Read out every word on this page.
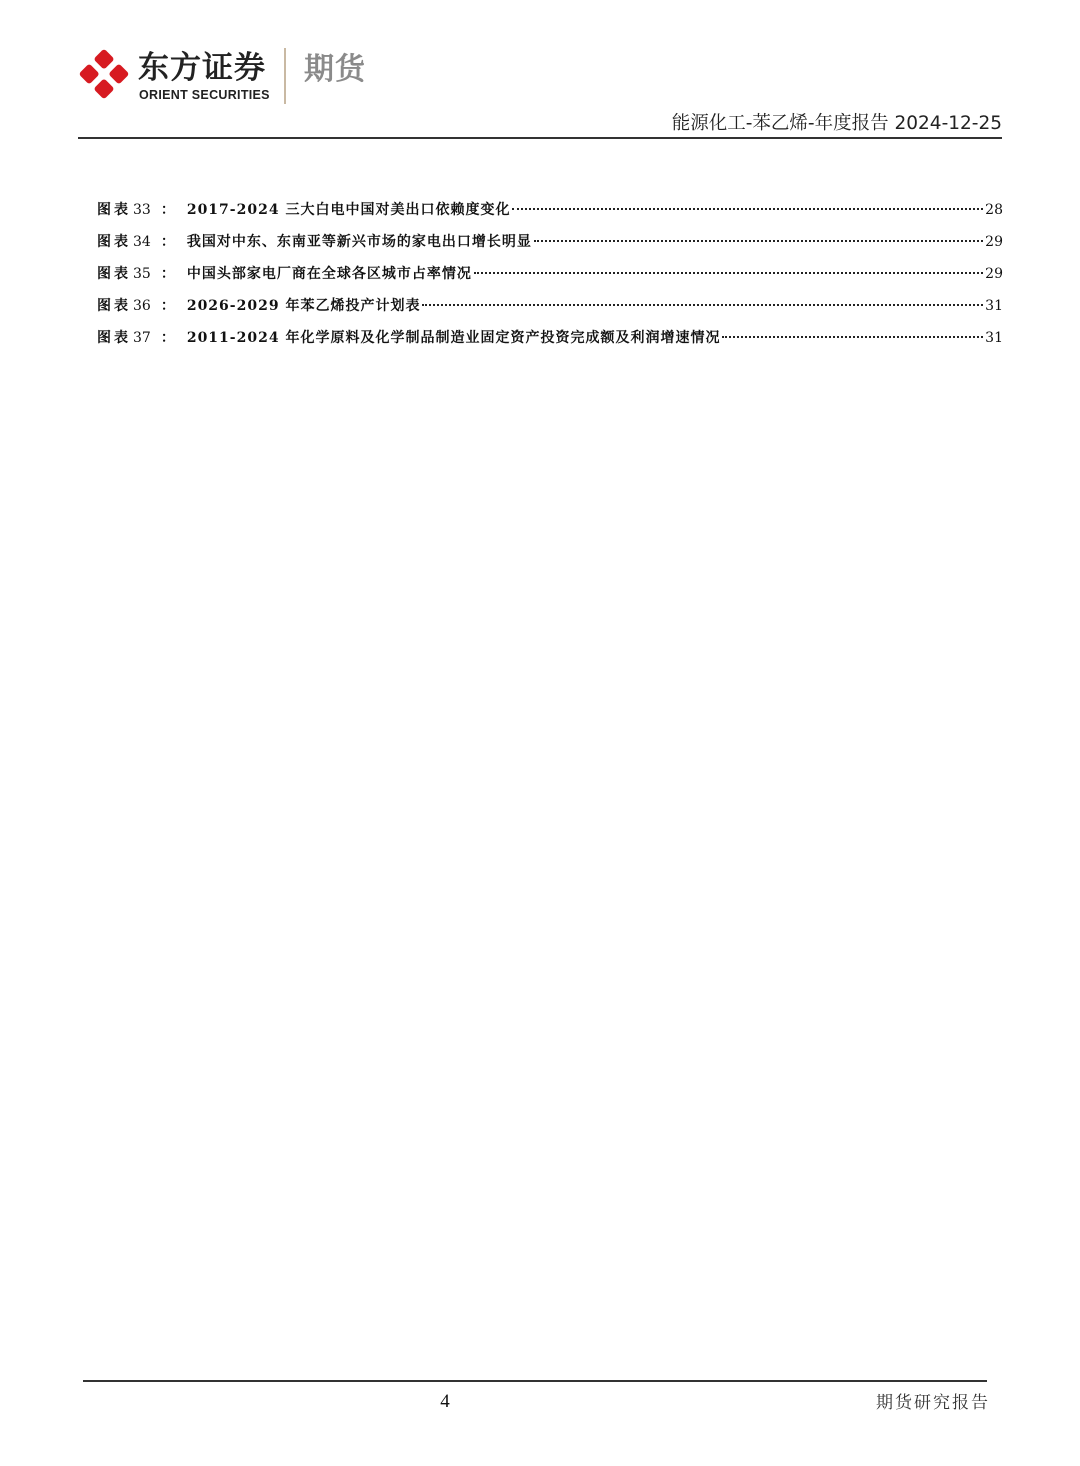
东方证券
ORIENT SECURITIES
期货
能源化工-苯乙烯-年度报告 2024-12-25
图表 33 ： 2017-2024 三大白电中国对美出口依赖度变化	28
图表 34 ： 我国对中东、东南亚等新兴市场的家电出口增长明显	29
图表 35 ： 中国头部家电厂商在全球各区城市占率情况	29
图表 36 ： 2026-2029 年苯乙烯投产计划表	31
图表 37 ： 2011-2024 年化学原料及化学制品制造业固定资产投资完成额及利润增速情况	31
4	期货研究报告
